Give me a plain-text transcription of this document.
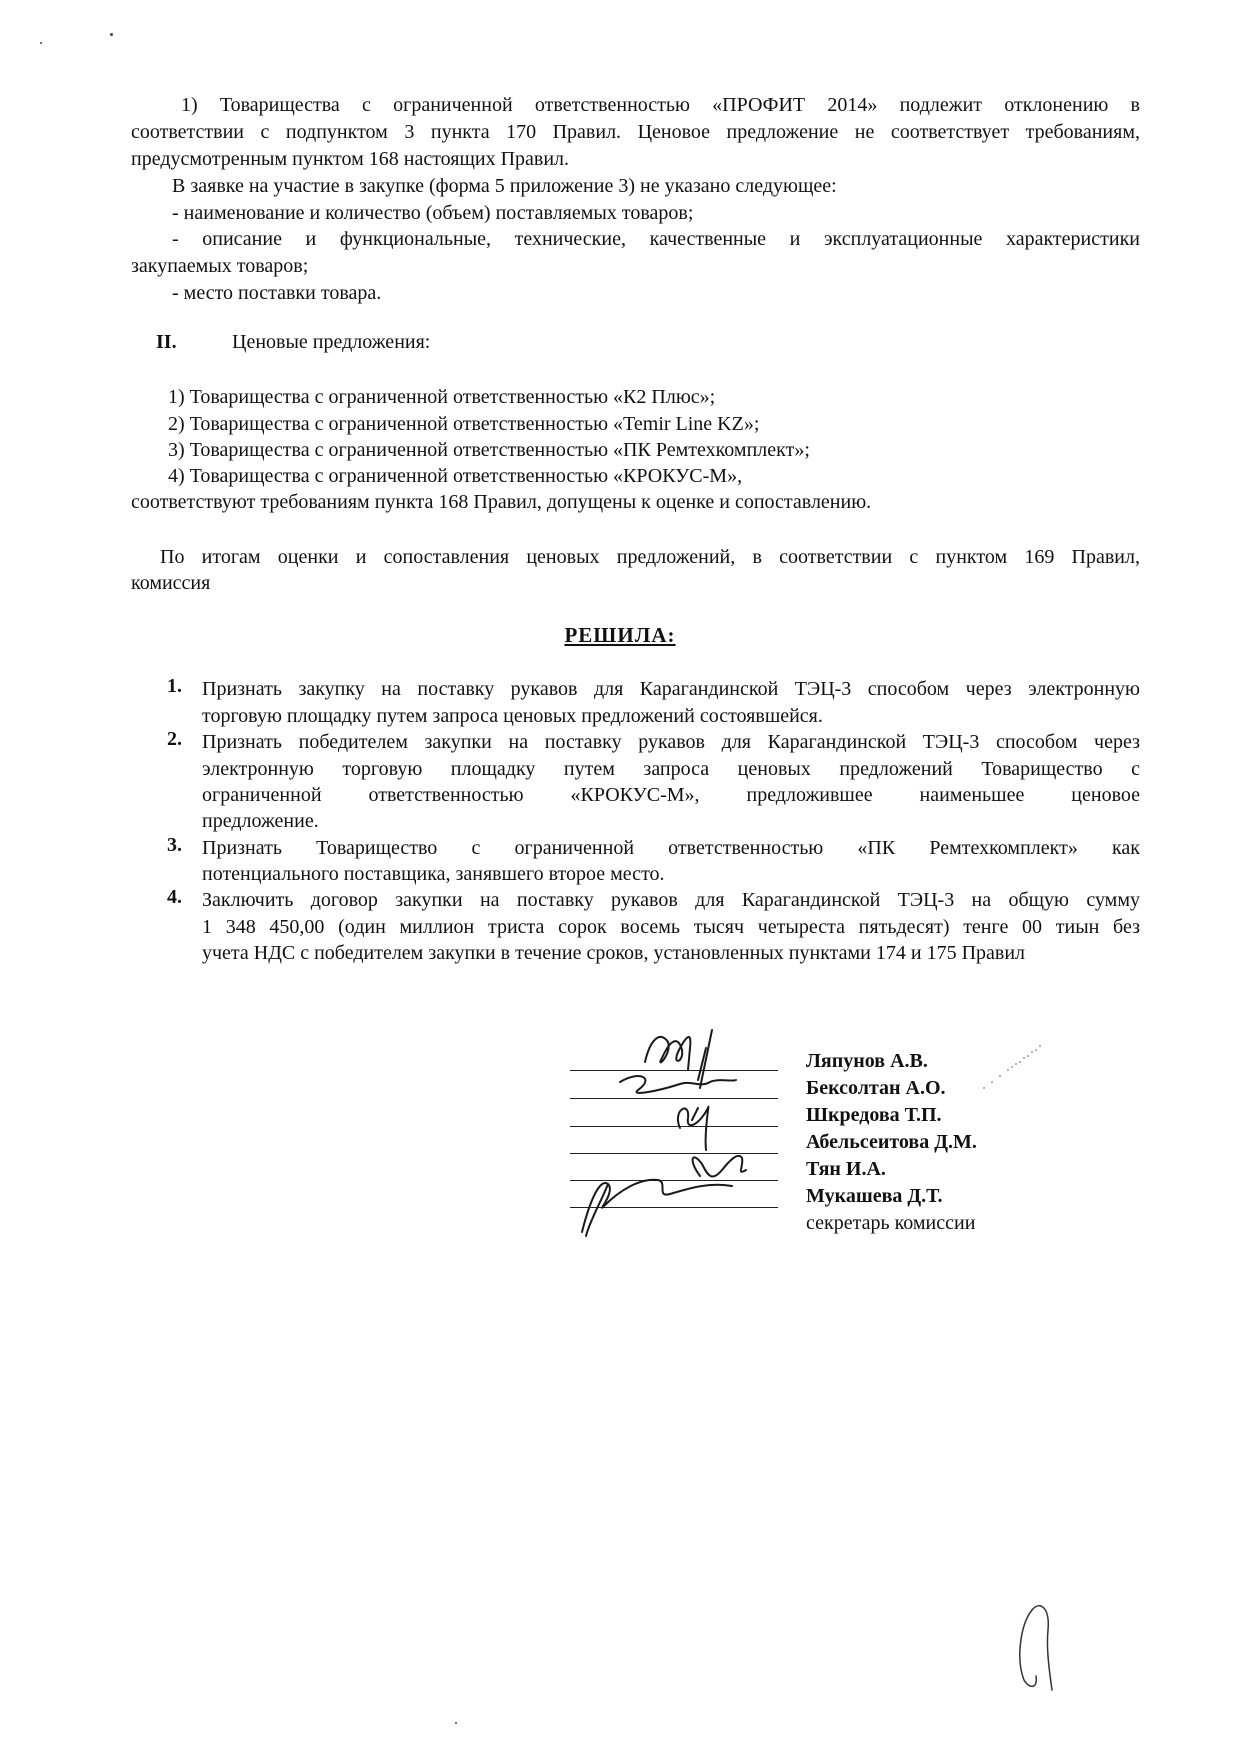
1) Товарищества с ограниченной ответственностью «ПРОФИТ 2014» подлежит отклонению в
соответствии с подпунктом 3 пункта 170 Правил. Ценовое предложение не соответствует требованиям,
предусмотренным пунктом 168 настоящих Правил.
В заявке на участие в закупке (форма 5 приложение 3) не указано следующее:
- наименование и количество (объем) поставляемых товаров;
- описание и функциональные, технические, качественные и эксплуатационные характеристики
закупаемых товаров;
- место поставки товара.
II.	Ценовые предложения:
1) Товарищества с ограниченной ответственностью «К2 Плюс»;
2) Товарищества с ограниченной ответственностью «Temir Line KZ»;
3) Товарищества с ограниченной ответственностью «ПК Ремтехкомплект»;
4) Товарищества с ограниченной ответственностью «КРОКУС-М»,
соответствуют требованиям пункта 168 Правил, допущены к оценке и сопоставлению.
По итогам оценки и сопоставления ценовых предложений, в соответствии с пунктом 169 Правил,
комиссия
РЕШИЛА:
1. Признать закупку на поставку рукавов для Карагандинской ТЭЦ-3 способом через электронную
торговую площадку путем запроса ценовых предложений состоявшейся.
2. Признать победителем закупки на поставку рукавов для Карагандинской ТЭЦ-3 способом через
электронную торговую площадку путем запроса ценовых предложений Товарищество с
ограниченной ответственностью «КРОКУС-М», предложившее наименьшее ценовое
предложение.
3. Признать Товарищество с ограниченной ответственностью «ПК Ремтехкомплект» как
потенциального поставщика, занявшего второе место.
4. Заключить договор закупки на поставку рукавов для Карагандинской ТЭЦ-3 на общую сумму
1 348 450,00 (один миллион триста сорок восемь тысяч четыреста пятьдесят) тенге 00 тиын без
учета НДС с победителем закупки в течение сроков, установленных пунктами 174 и 175 Правил
Ляпунов А.В.
Бексолтан А.О.
Шкредова Т.П.
Абельсеитова Д.М.
Тян И.А.
Мукашева Д.Т.
секретарь комиссии
